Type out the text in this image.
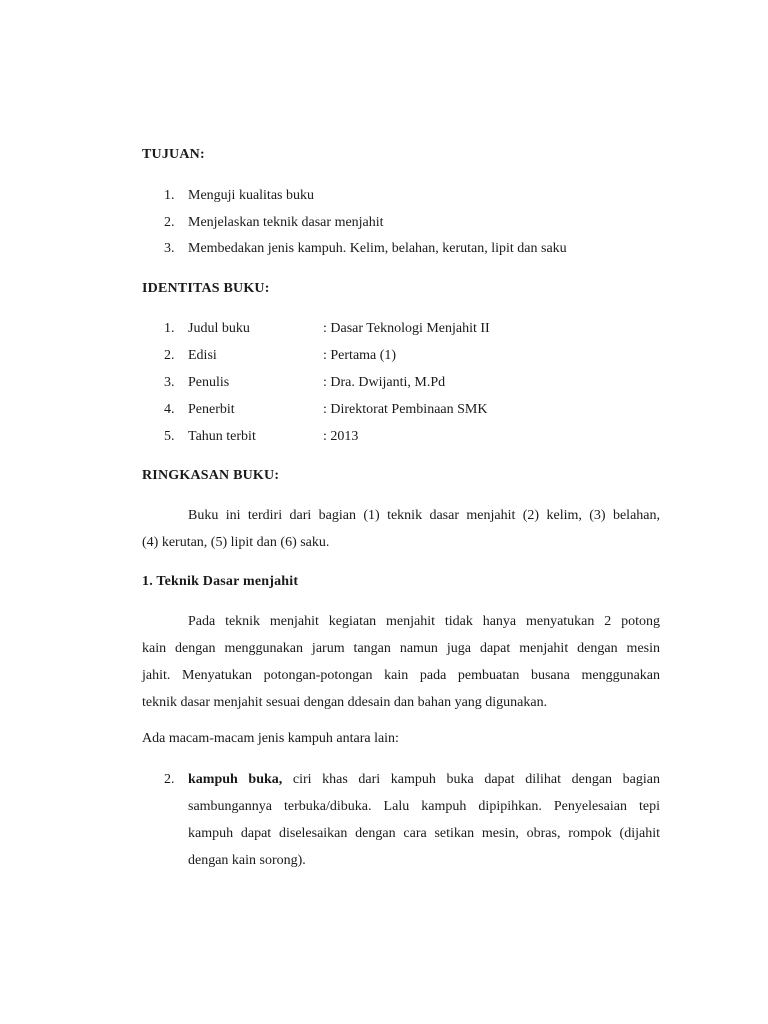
TUJUAN:
1. Menguji kualitas buku
2. Menjelaskan teknik dasar menjahit
3. Membedakan jenis kampuh. Kelim, belahan, kerutan, lipit dan saku
IDENTITAS BUKU:
1. Judul buku	: Dasar Teknologi Menjahit II
2. Edisi	: Pertama (1)
3. Penulis	: Dra. Dwijanti, M.Pd
4. Penerbit	: Direktorat Pembinaan SMK
5. Tahun terbit	: 2013
RINGKASAN BUKU:
Buku ini terdiri dari bagian (1) teknik dasar menjahit (2) kelim, (3) belahan,
(4) kerutan, (5) lipit dan (6) saku.
1. Teknik Dasar menjahit
Pada teknik menjahit kegiatan menjahit tidak hanya menyatukan 2 potong
kain dengan menggunakan jarum tangan namun juga dapat menjahit dengan mesin
jahit. Menyatukan potongan-potongan kain pada pembuatan busana menggunakan
teknik dasar menjahit sesuai dengan ddesain dan bahan yang digunakan.
Ada macam-macam jenis kampuh antara lain:
2. kampuh buka, ciri khas dari kampuh buka dapat dilihat dengan bagian
sambungannya terbuka/dibuka. Lalu kampuh dipipihkan. Penyelesaian tepi
kampuh dapat diselesaikan dengan cara setikan mesin, obras, rompok (dijahit
dengan kain sorong).
